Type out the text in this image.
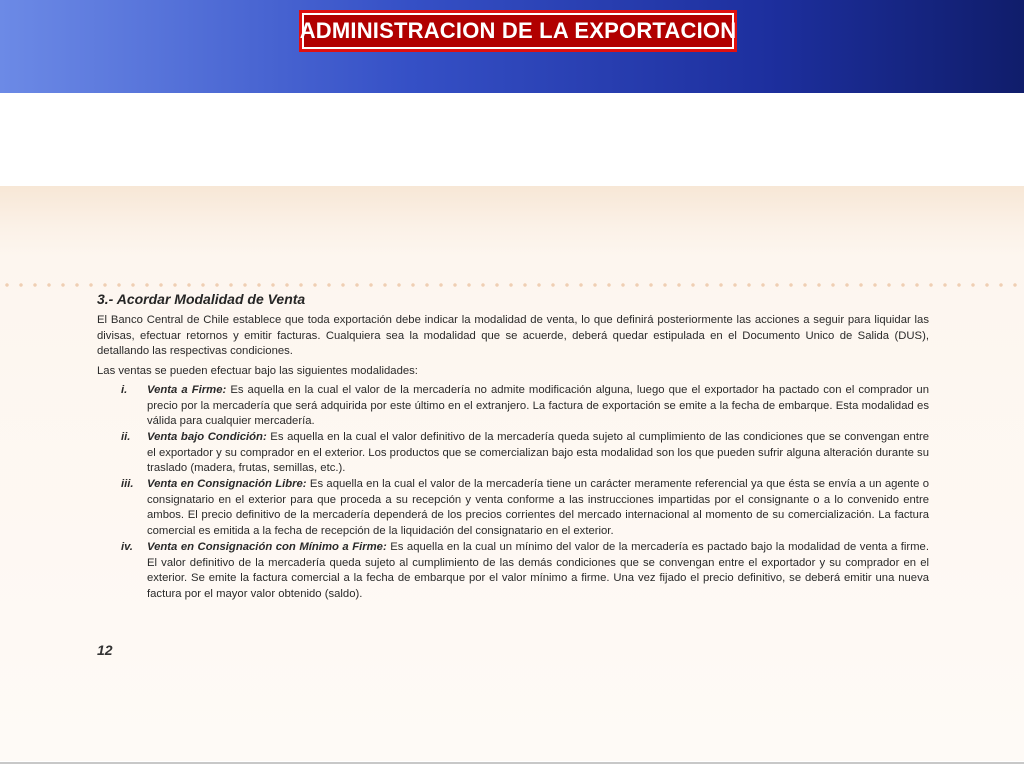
ADMINISTRACION DE LA EXPORTACION
3.- Acordar Modalidad de Venta

El Banco Central de Chile establece que toda exportación debe indicar la modalidad de venta, lo que definirá posteriormente las acciones a seguir para liquidar las divisas, efectuar retornos y emitir facturas. Cualquiera sea la modalidad que se acuerde, deberá quedar estipulada en el Documento Unico de Salida (DUS), detallando las respectivas condiciones.

Las ventas se pueden efectuar bajo las siguientes modalidades:

i.	Venta a Firme: Es aquella en la cual el valor de la mercadería no admite modificación alguna, luego que el exportador ha pactado con el comprador un precio por la mercadería que será adquirida por este último en el extranjero. La factura de exportación se emite a la fecha de embarque. Esta modalidad es válida para cualquier mercadería.
ii.	Venta bajo Condición: Es aquella en la cual el valor definitivo de la mercadería queda sujeto al cumplimiento de las condiciones que se convengan entre el exportador y su comprador en el exterior. Los productos que se comercializan bajo esta modalidad son los que pueden sufrir alguna alteración durante su traslado (madera, frutas, semillas, etc.).
iii.	Venta en Consignación Libre: Es aquella en la cual el valor de la mercadería tiene un carácter meramente referencial ya que ésta se envía a un agente o consignatario en el exterior para que proceda a su recepción y venta conforme a las instrucciones impartidas por el consignante o a lo convenido entre ambos. El precio definitivo de la mercadería dependerá de los precios corrientes del mercado internacional al momento de su comercialización. La factura comercial es emitida a la fecha de recepción de la liquidación del consignatario en el exterior.
iv.	Venta en Consignación con Mínimo a Firme: Es aquella en la cual un mínimo del valor de la mercadería es pactado bajo la modalidad de venta a firme. El valor definitivo de la mercadería queda sujeto al cumplimiento de las demás condiciones que se convengan entre el exportador y su comprador en el exterior. Se emite la factura comercial a la fecha de embarque por el valor mínimo a firme. Una vez fijado el precio definitivo, se deberá emitir una nueva factura por el mayor valor obtenido (saldo).
12
